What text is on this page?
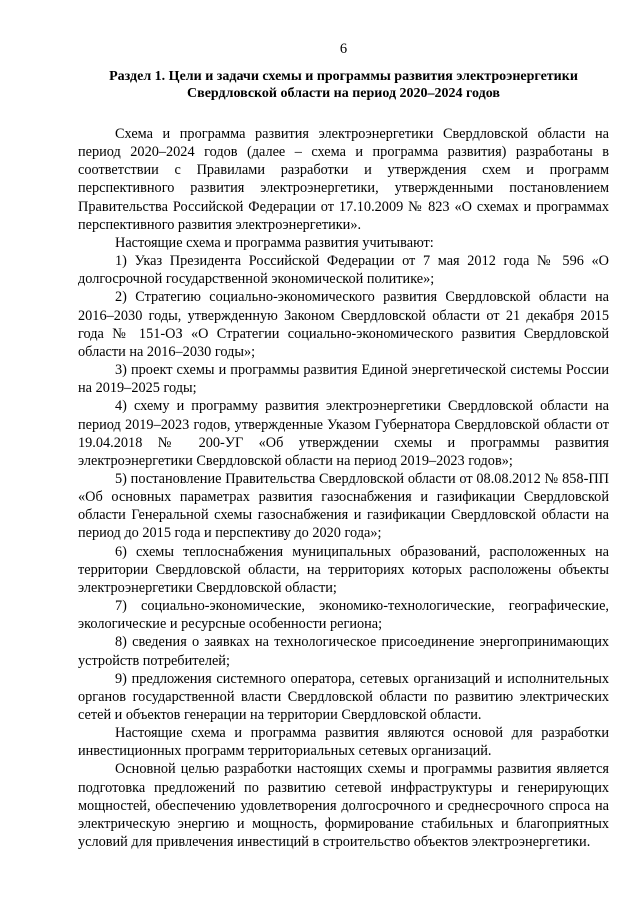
6
Раздел 1. Цели и задачи схемы и программы развития электроэнергетики Свердловской области на период 2020–2024 годов

Схема и программа развития электроэнергетики Свердловской области на период 2020–2024 годов (далее – схема и программа развития) разработаны в соответствии с Правилами разработки и утверждения схем и программ перспективного развития электроэнергетики, утвержденными постановлением Правительства Российской Федерации от 17.10.2009 № 823 «О схемах и программах перспективного развития электроэнергетики».

Настоящие схема и программа развития учитывают:

1) Указ Президента Российской Федерации от 7 мая 2012 года № 596 «О долгосрочной государственной экономической политике»;

2) Стратегию социально-экономического развития Свердловской области на 2016–2030 годы, утвержденную Законом Свердловской области от 21 декабря 2015 года № 151-ОЗ «О Стратегии социально-экономического развития Свердловской области на 2016–2030 годы»;

3) проект схемы и программы развития Единой энергетической системы России на 2019–2025 годы;

4) схему и программу развития электроэнергетики Свердловской области на период 2019–2023 годов, утвержденные Указом Губернатора Свердловской области от 19.04.2018 № 200-УГ «Об утверждении схемы и программы развития электроэнергетики Свердловской области на период 2019–2023 годов»;

5) постановление Правительства Свердловской области от 08.08.2012 № 858-ПП «Об основных параметрах развития газоснабжения и газификации Свердловской области Генеральной схемы газоснабжения и газификации Свердловской области на период до 2015 года и перспективу до 2020 года»;

6) схемы теплоснабжения муниципальных образований, расположенных на территории Свердловской области, на территориях которых расположены объекты электроэнергетики Свердловской области;

7) социально-экономические, экономико-технологические, географические, экологические и ресурсные особенности региона;

8) сведения о заявках на технологическое присоединение энергопринимающих устройств потребителей;

9) предложения системного оператора, сетевых организаций и исполнительных органов государственной власти Свердловской области по развитию электрических сетей и объектов генерации на территории Свердловской области.

Настоящие схема и программа развития являются основой для разработки инвестиционных программ территориальных сетевых организаций.

Основной целью разработки настоящих схемы и программы развития является подготовка предложений по развитию сетевой инфраструктуры и генерирующих мощностей, обеспечению удовлетворения долгосрочного и среднесрочного спроса на электрическую энергию и мощность, формирование стабильных и благоприятных условий для привлечения инвестиций в строительство объектов электроэнергетики.
